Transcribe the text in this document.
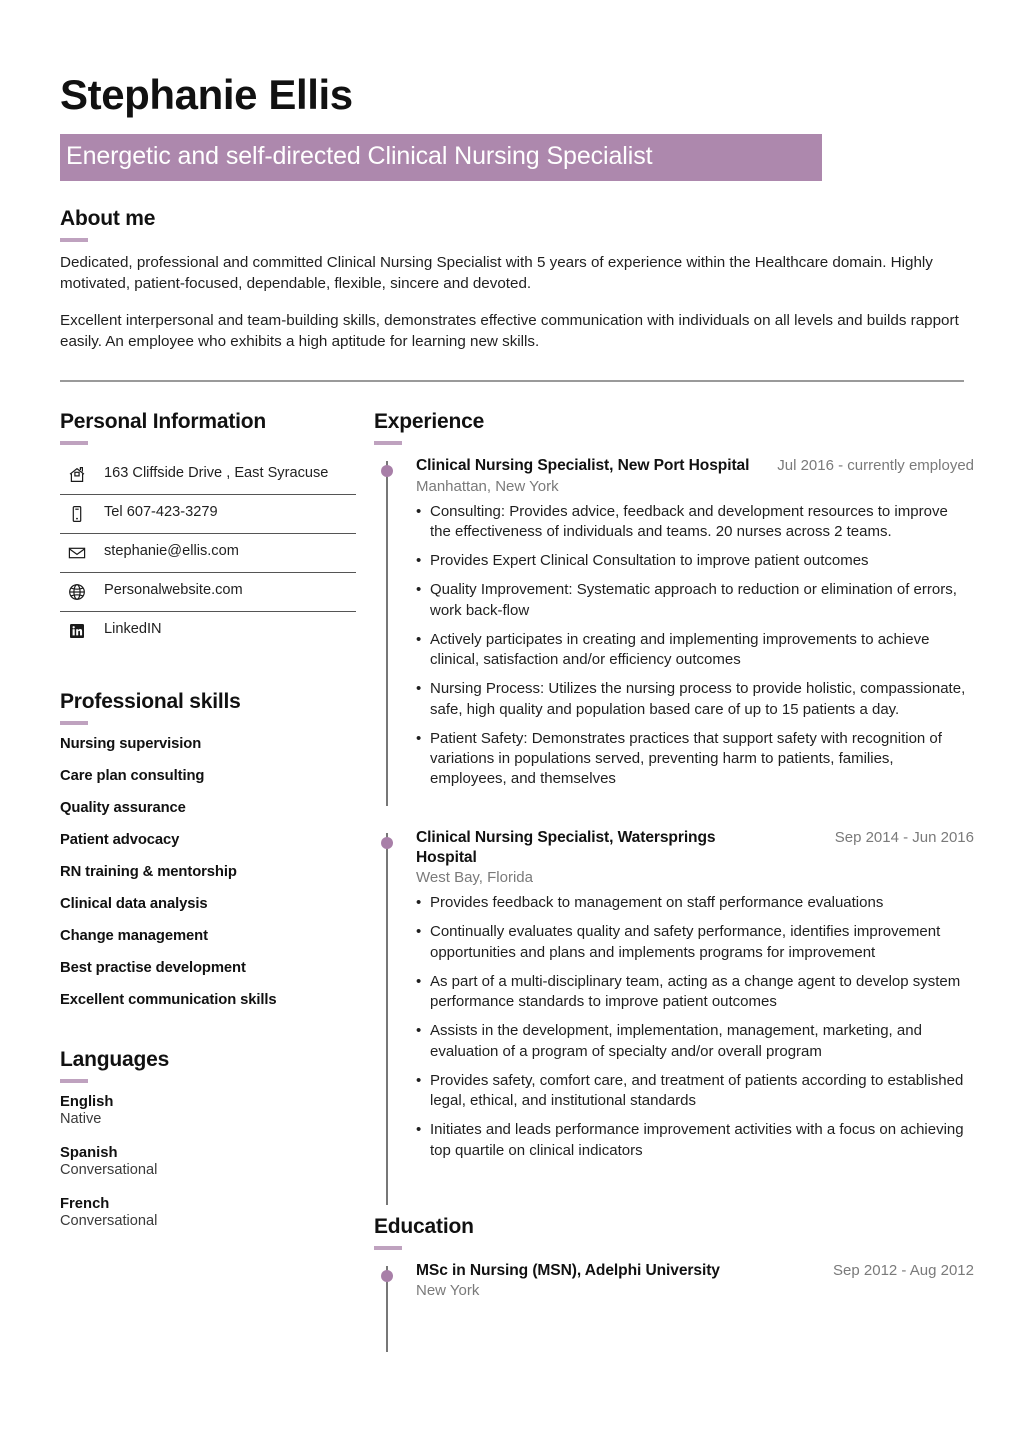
Stephanie Ellis
Energetic and self-directed Clinical Nursing Specialist
About me

Dedicated, professional and committed Clinical Nursing Specialist with 5 years of experience within the Healthcare domain. Highly motivated, patient-focused, dependable, flexible, sincere and devoted.

Excellent interpersonal and team-building skills, demonstrates effective communication with individuals on all levels and builds rapport easily. An employee who exhibits a high aptitude for learning new skills.

Personal Information
163 Cliffside Drive , East Syracuse
Tel 607-423-3279
stephanie@ellis.com
Personalwebsite.com
LinkedIN
Professional skills
Nursing supervision
Care plan consulting
Quality assurance
Patient advocacy
RN training & mentorship
Clinical data analysis
Change management
Best practise development
Excellent communication skills
Languages
English
Native
Spanish
Conversational
French
Conversational
Experience
Clinical Nursing Specialist, New Port Hospital Jul 2016 - currently employed
Manhattan, New York
• Consulting: Provides advice, feedback and development resources to improve the effectiveness of individuals and teams. 20 nurses across 2 teams.
• Provides Expert Clinical Consultation to improve patient outcomes
• Quality Improvement: Systematic approach to reduction or elimination of errors, work back-flow
• Actively participates in creating and implementing improvements to achieve clinical, satisfaction and/or efficiency outcomes
• Nursing Process: Utilizes the nursing process to provide holistic, compassionate, safe, high quality and population based care of up to 15 patients a day.
• Patient Safety: Demonstrates practices that support safety with recognition of variations in populations served, preventing harm to patients, families, employees, and themselves
Clinical Nursing Specialist, Watersprings Hospital
Sep 2014 - Jun 2016
West Bay, Florida
• Provides feedback to management on staff performance evaluations
• Continually evaluates quality and safety performance, identifies improvement opportunities and plans and implements programs for improvement
• As part of a multi-disciplinary team, acting as a change agent to develop system performance standards to improve patient outcomes
• Assists in the development, implementation, management, marketing, and evaluation of a program of specialty and/or overall program
• Provides safety, comfort care, and treatment of patients according to established legal, ethical, and institutional standards
• Initiates and leads performance improvement activities with a focus on achieving top quartile on clinical indicators
Education
MSc in Nursing (MSN), Adelphi University	Sep 2012 - Aug 2012
New York
